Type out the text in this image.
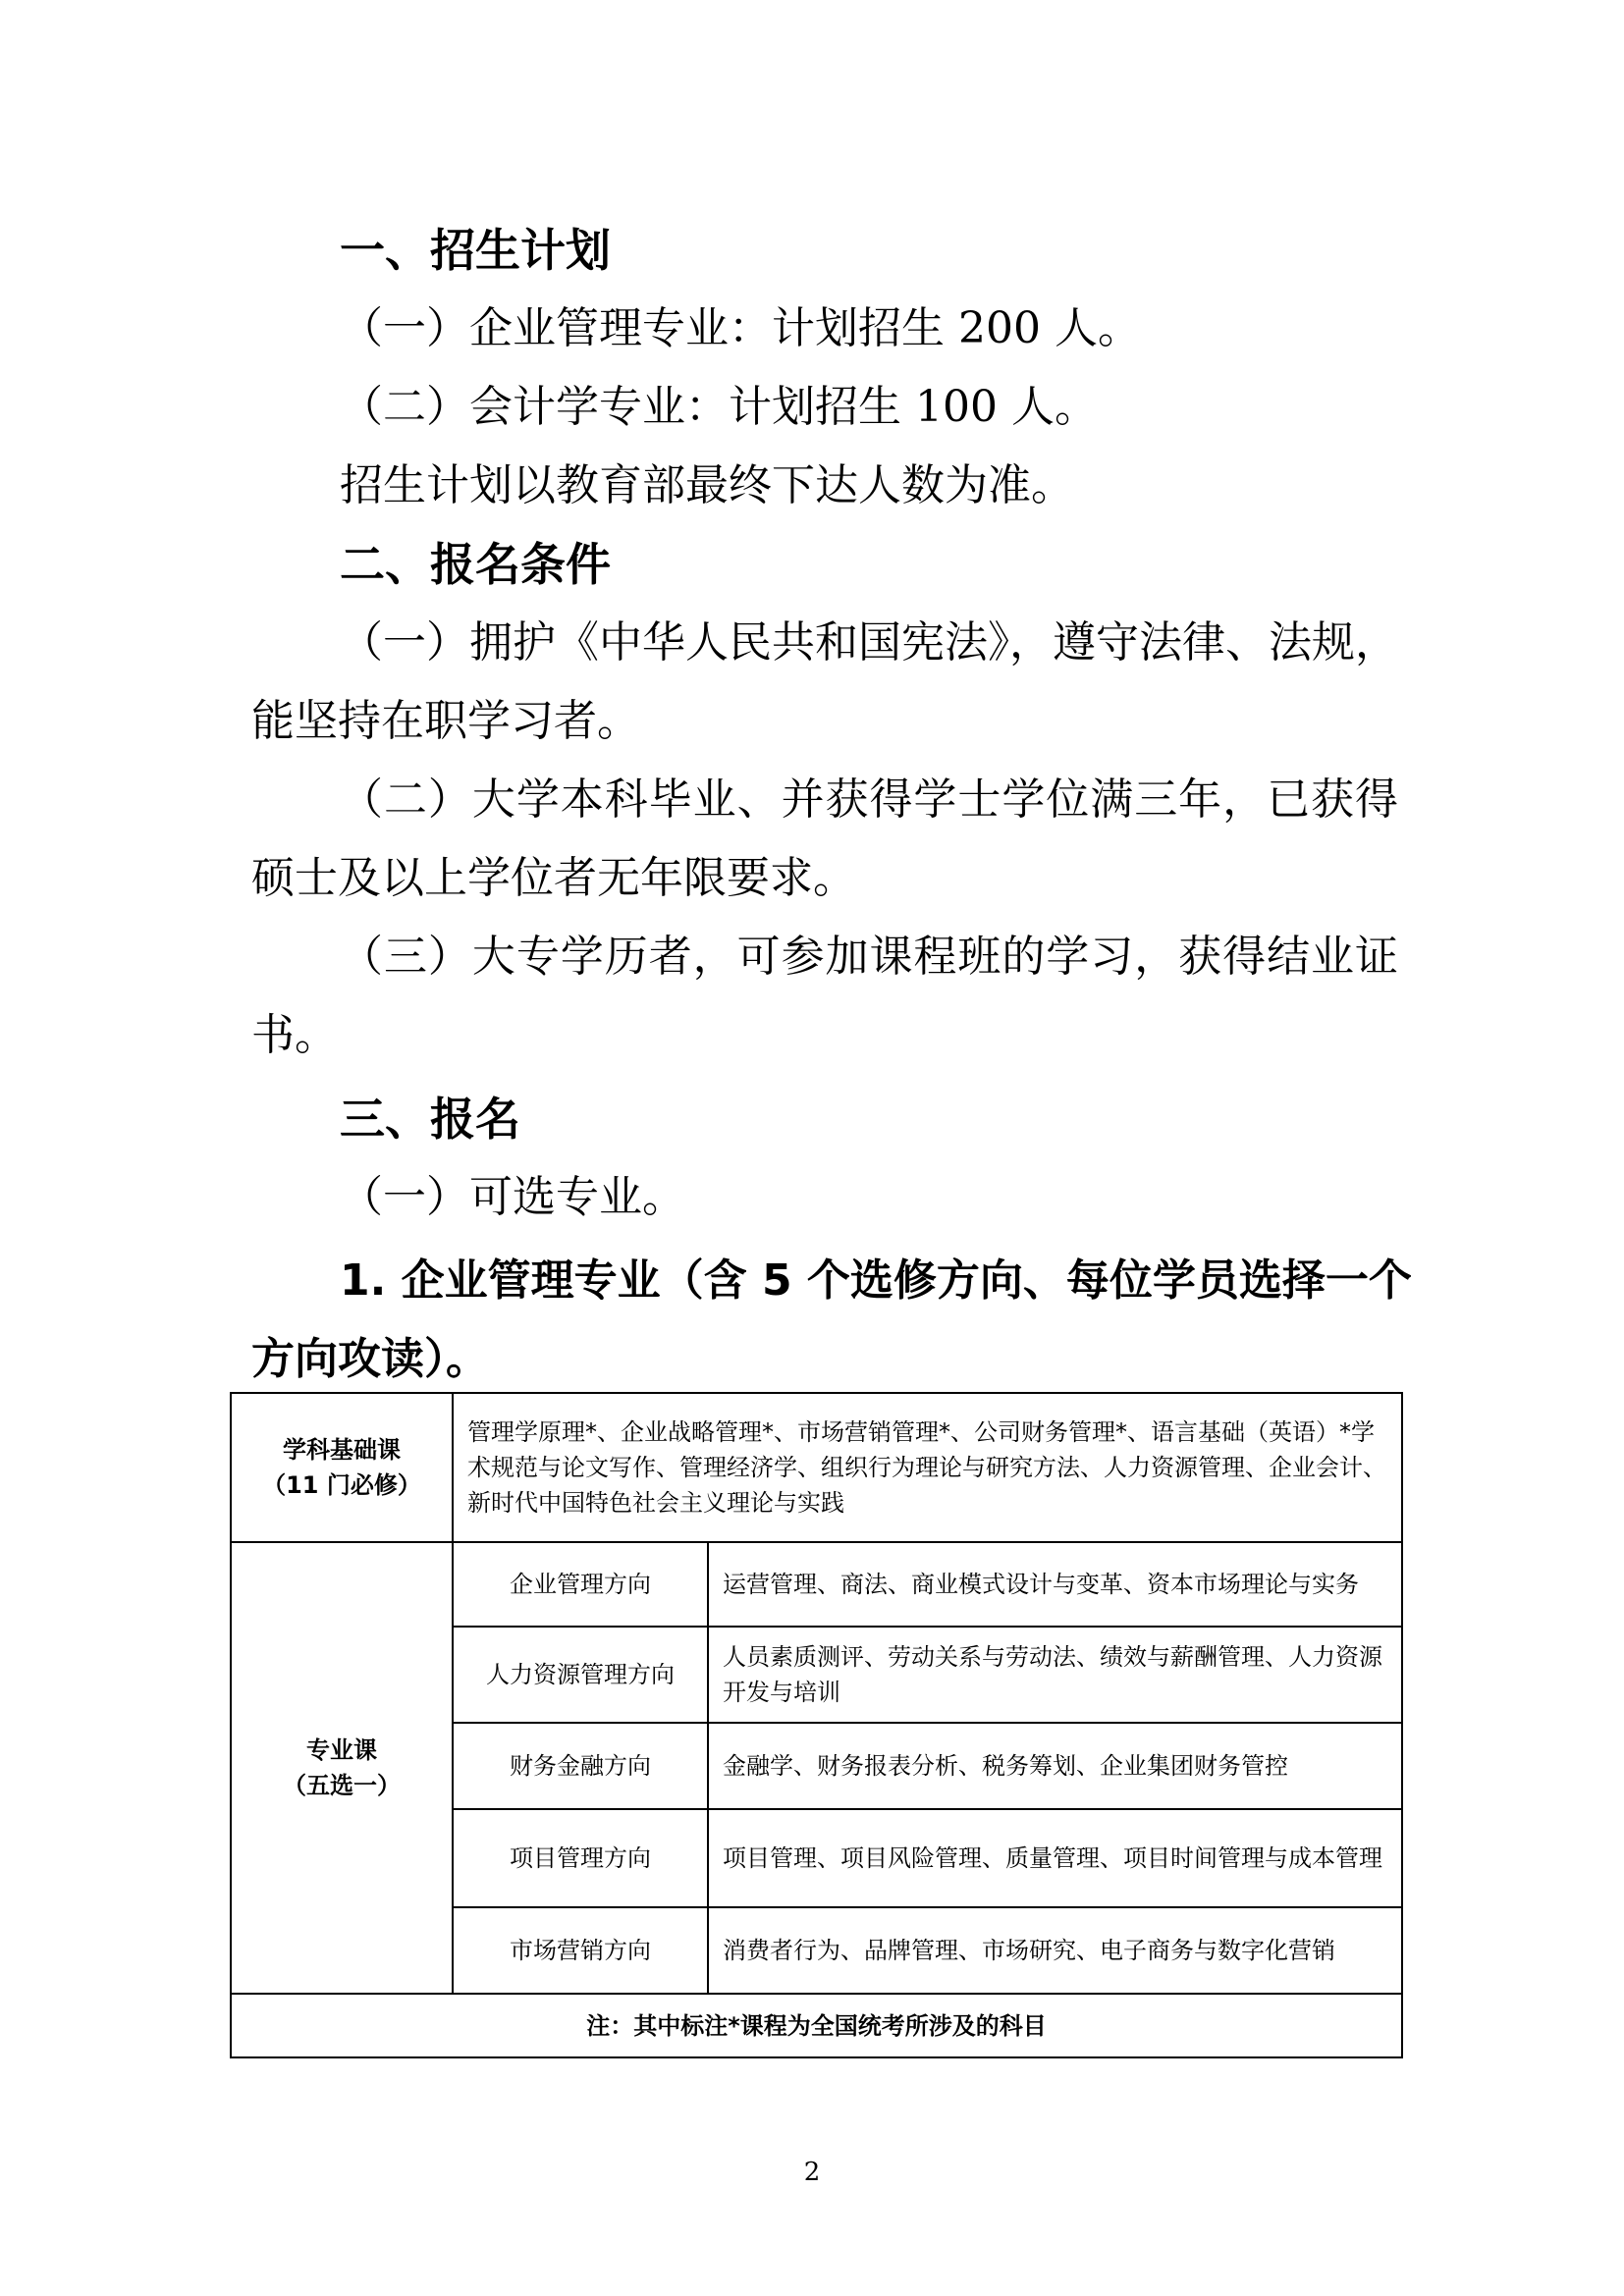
一、招生计划

（一）企业管理专业：计划招生 200 人。

（二）会计学专业：计划招生 100 人。

招生计划以教育部最终下达人数为准。

二、报名条件

（一）拥护《中华人民共和国宪法》，遵守法律、法规，

能坚持在职学习者。

（二）大学本科毕业、并获得学士学位满三年，已获得

硕士及以上学位者无年限要求。

（三）大专学历者，可参加课程班的学习，获得结业证

书。

三、报名

（一）可选专业。

1. 企业管理专业（含 5 个选修方向、每位学员选择一个

方向攻读）。

学科基础课
（11 门必修）	管理学原理*、企业战略管理*、市场营销管理*、公司财务管理*、语言基础（英语）*学术规范与论文写作、管理经济学、组织行为理论与研究方法、人力资源管理、企业会计、新时代中国特色社会主义理论与实践	

专业课
（五选一）	企业管理方向	运营管理、商法、商业模式设计与变革、资本市场理论与实务
	人力资源管理方向	人员素质测评、劳动关系与劳动法、绩效与薪酬管理、人力资源开发与培训
	财务金融方向	金融学、财务报表分析、税务筹划、企业集团财务管控
	项目管理方向	项目管理、项目风险管理、质量管理、项目时间管理与成本管理
	市场营销方向	消费者行为、品牌管理、市场研究、电子商务与数字化营销
注：其中标注*课程为全国统考所涉及的科目		
2
